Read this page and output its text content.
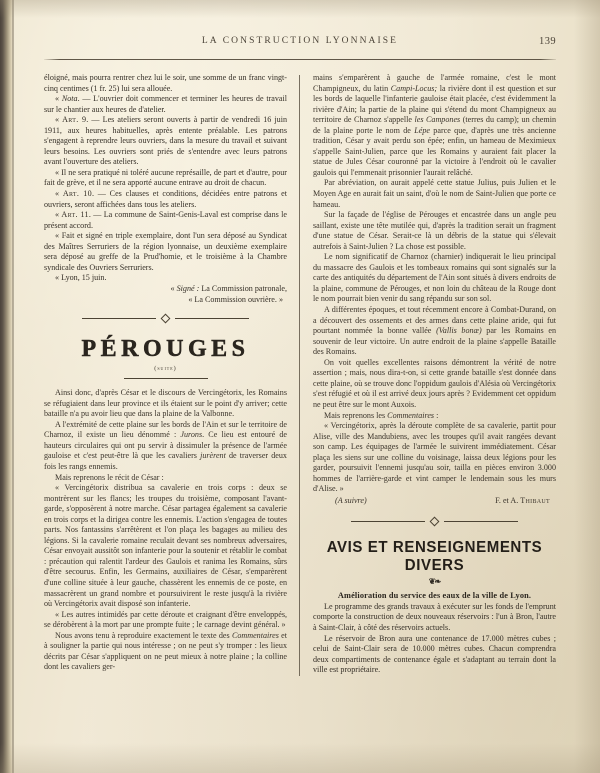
LA CONSTRUCTION LYONNAISE	139

éloigné, mais pourra rentrer chez lui le soir, une somme de un franc vingt-cinq centimes (1 fr. 25) lui sera allouée.

« Nota. — L'ouvrier doit commencer et terminer les heures de travail sur le chantier aux heures de d'atelier.

« Art. 9. — Les ateliers seront ouverts à partir de vendredi 16 juin 1911, aux heures habituelles, après entente préalable. Les patrons s'engagent à reprendre leurs ouvriers, dans la mesure du travail et suivant leurs besoins. Les ouvriers sont priés de s'entendre avec leurs patrons avant l'ouverture des ateliers.

« Il ne sera pratiqué ni toléré aucune représaille, de part et d'autre, pour fait de grève, et il ne sera apporté aucune entrave au droit de chacun.

« Art. 10. — Ces clauses et conditions, décidées entre patrons et ouvriers, seront affichées dans tous les ateliers.

« Art. 11. — La commune de Saint-Genis-Laval est comprise dans le présent accord.

« Fait et signé en triple exemplaire, dont l'un sera déposé au Syndicat des Maîtres Serruriers de la région lyonnaise, un deuxième exemplaire sera déposé au greffe de la Prud'homie, et le troisième à la Chambre syndicale des Ouvriers Serruriers.

« Lyon, 15 juin.

« Signé : La Commission patronale,

« La Commission ouvrière. »

PÉROUGES
(suite)

Ainsi donc, d'après César et le discours de Vercingétorix, les Romains se réfugiaient dans leur province et ils étaient sur le point d'y arriver; cette bataille n'a pu avoir lieu que dans la plaine de la Valbonne.

A l'extrémité de cette plaine sur les bords de l'Ain et sur le territoire de Charnoz, il existe un lieu dénommé : Jurons. Ce lieu est entouré de hauteurs circulaires qui ont pu servir à dissimuler la présence de l'armée gauloise et c'est peut-être là que les cavaliers jurèrent de traverser deux fois les rangs ennemis.

Mais reprenons le récit de César :

« Vercingétorix distribua sa cavalerie en trois corps : deux se montrèrent sur les flancs; les troupes du troisième, composant l'avant-garde, s'opposèrent à notre marche. César partagea également sa cavalerie en trois corps et la dirigea contre les ennemis. L'action s'engagea de toutes parts. Nos fantassins s'arrêtèrent et l'on plaça les bagages au milieu des légions. Si la cavalerie romaine reculait devant ses nombreux adversaires, César envoyait aussitôt son infanterie pour la soutenir et rétablir le combat : précaution qui ralentit l'ardeur des Gaulois et ranima les Romains, sûrs d'être secourus. Enfin, les Germains, auxiliaires de César, s'emparèrent d'une colline située à leur gauche, chassèrent les ennemis de ce poste, en massacrèrent un grand nombre et poursuivirent le reste jusqu'à la rivière où Vercingétorix avait disposé son infanterie.

« Les autres intimidés par cette déroute et craignant d'être enveloppés, se dérobèrent à la mort par une prompte fuite ; le carnage devint général. »

Nous avons tenu à reproduire exactement le texte des Commentaires et à souligner la partie qui nous intéresse ; on ne peut s'y tromper : les lieux décrits par César s'appliquent on ne peut mieux à notre plaine ; la colline dont les cavaliers ger-

mains s'emparèrent à gauche de l'armée romaine, c'est le mont Champigneux, du latin Campi-Locus; la rivière dont il est question et sur les bords de laquelle l'infanterie gauloise était placée, c'est évidemment la rivière d'Ain; la partie de la plaine qui s'étend du mont Champigneux au territoire de Charnoz s'appelle les Campones (terres du camp); un chemin de la plaine porte le nom de Lépe parce que, d'après une très ancienne tradition, César y avait perdu son épée; enfin, un hameau de Meximieux s'appelle Saint-Julien, parce que les Romains y auraient fait placer la statue de Jules César couronné par la victoire à l'endroit où le cavalier gaulois qui l'emmenait prisonnier l'aurait relâché.

Par abréviation, on aurait appelé cette statue Julius, puis Julien et le Moyen Age en aurait fait un saint, d'où le nom de Saint-Julien que porte ce hameau.

Sur la façade de l'église de Pérouges et encastrée dans un angle peu saillant, existe une tête mutilée qui, d'après la tradition serait un fragment d'une statue de César. Serait-ce là un débris de la statue qui s'élevait autrefois à Saint-Julien ? La chose est possible.

Le nom significatif de Charnoz (charnier) indiquerait le lieu principal du massacre des Gaulois et les tombeaux romains qui sont signalés sur la carte des antiquités du département de l'Ain sont situés à divers endroits de la plaine, commune de Pérouges, et non loin du château de la Rouge dont le nom pourrait bien venir du sang répandu sur son sol.

A différentes époques, et tout récemment encore à Combat-Durand, on a découvert des ossements et des armes dans cette plaine aride, qui fut pourtant nommée la bonne vallée (Vallis bonæ) par les Romains en souvenir de leur victoire. Un autre endroit de la plaine s'appelle Bataille des Romains.

On voit quelles excellentes raisons démontrent la vérité de notre assertion ; mais, nous dira-t-on, si cette grande bataille s'est donnée dans cette plaine, où se trouve donc l'oppidum gaulois d'Alésia où Vercingétorix s'est réfugié et où il est arrivé deux jours après ? Evidemment cet oppidum ne peut être sur le mont Auxois.

Mais reprenons les Commentaires :

« Vercingétorix, après la déroute complète de sa cavalerie, partit pour Alise, ville des Mandubiens, avec les troupes qu'il avait rangées devant son camp. Les équipages de l'armée le suivirent immédiatement. César plaça les siens sur une colline du voisinage, laissa deux légions pour les garder, poursuivit l'ennemi jusqu'au soir, tailla en pièces environ 3.000 hommes de l'arrière-garde et vint camper le lendemain sous les murs d'Alise. »

(A suivre)	F. et A. Thibaut
AVIS ET RENSEIGNEMENTS DIVERS
❦❧
Amélioration du service des eaux de la ville de Lyon.

Le programme des grands travaux à exécuter sur les fonds de l'emprunt comporte la construction de deux nouveaux réservoirs : l'un à Bron, l'autre à Saint-Clair, à côté des réservoirs actuels.

Le réservoir de Bron aura une contenance de 17.000 mètres cubes ; celui de Saint-Clair sera de 10.000 mètres cubes. Chacun comprendra deux compartiments de contenance égale et s'adaptant au terrain dont la ville est propriétaire.
